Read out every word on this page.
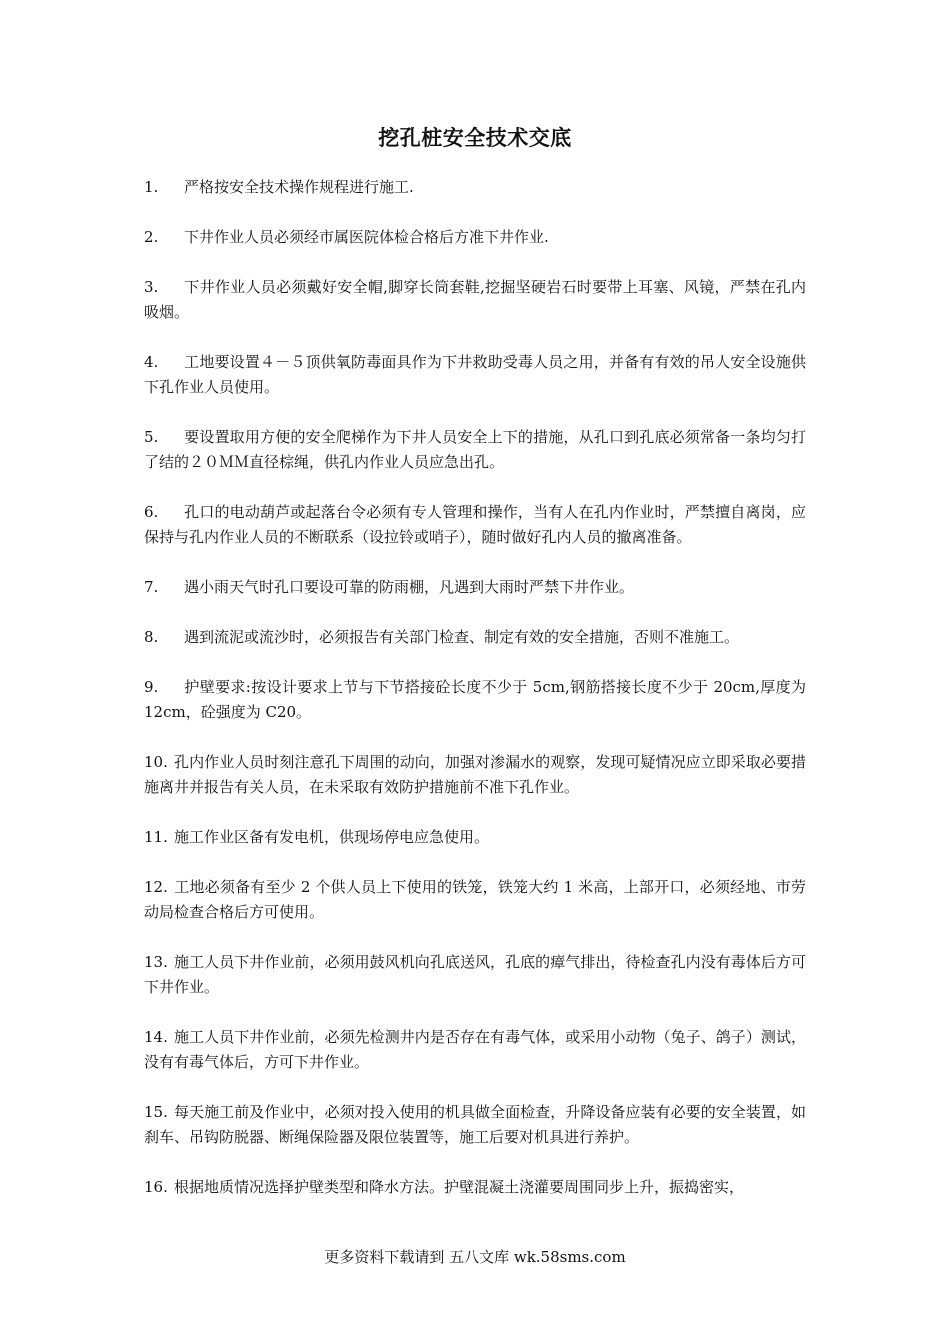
挖孔桩安全技术交底

1. 严格按安全技术操作规程进行施工.

2. 下井作业人员必须经市属医院体检合格后方准下井作业.

3. 下井作业人员必须戴好安全帽,脚穿长筒套鞋,挖掘坚硬岩石时要带上耳塞、风镜，严禁在孔内吸烟。

4. 工地要设置４－５顶供氧防毒面具作为下井救助受毒人员之用，并备有有效的吊人安全设施供下孔作业人员使用。

5. 要设置取用方便的安全爬梯作为下井人员安全上下的措施，从孔口到孔底必须常备一条均匀打了结的２０ＭＭ直径棕绳，供孔内作业人员应急出孔。

6. 孔口的电动葫芦或起落台令必须有专人管理和操作，当有人在孔内作业时，严禁擅自离岗，应保持与孔内作业人员的不断联系（设拉铃或哨子），随时做好孔内人员的撤离准备。

7. 遇小雨天气时孔口要设可靠的防雨棚，凡遇到大雨时严禁下井作业。

8. 遇到流泥或流沙时，必须报告有关部门检查、制定有效的安全措施，否则不准施工。

9. 护壁要求:按设计要求上节与下节搭接砼长度不少于 5cm,钢筋搭接长度不少于 20cm,厚度为 12cm，砼强度为 C20。

10. 孔内作业人员时刻注意孔下周围的动向，加强对渗漏水的观察，发现可疑情况应立即采取必要措施离井并报告有关人员，在未采取有效防护措施前不准下孔作业。

11. 施工作业区备有发电机，供现场停电应急使用。

12. 工地必须备有至少 2 个供人员上下使用的铁笼，铁笼大约 1 米高，上部开口，必须经地、市劳动局检查合格后方可使用。

13. 施工人员下井作业前，必须用鼓风机向孔底送风，孔底的瘴气排出，待检查孔内没有毒体后方可下井作业。

14. 施工人员下井作业前，必须先检测井内是否存在有毒气体，或采用小动物（兔子、鸽子）测试，没有有毒气体后，方可下井作业。

15. 每天施工前及作业中，必须对投入使用的机具做全面检查，升降设备应装有必要的安全装置，如刹车、吊钩防脱器、断绳保险器及限位装置等，施工后要对机具进行养护。

16. 根据地质情况选择护壁类型和降水方法。护壁混凝土浇灌要周围同步上升，振捣密实，

更多资料下载请到 五八文库 wk.58sms.com
